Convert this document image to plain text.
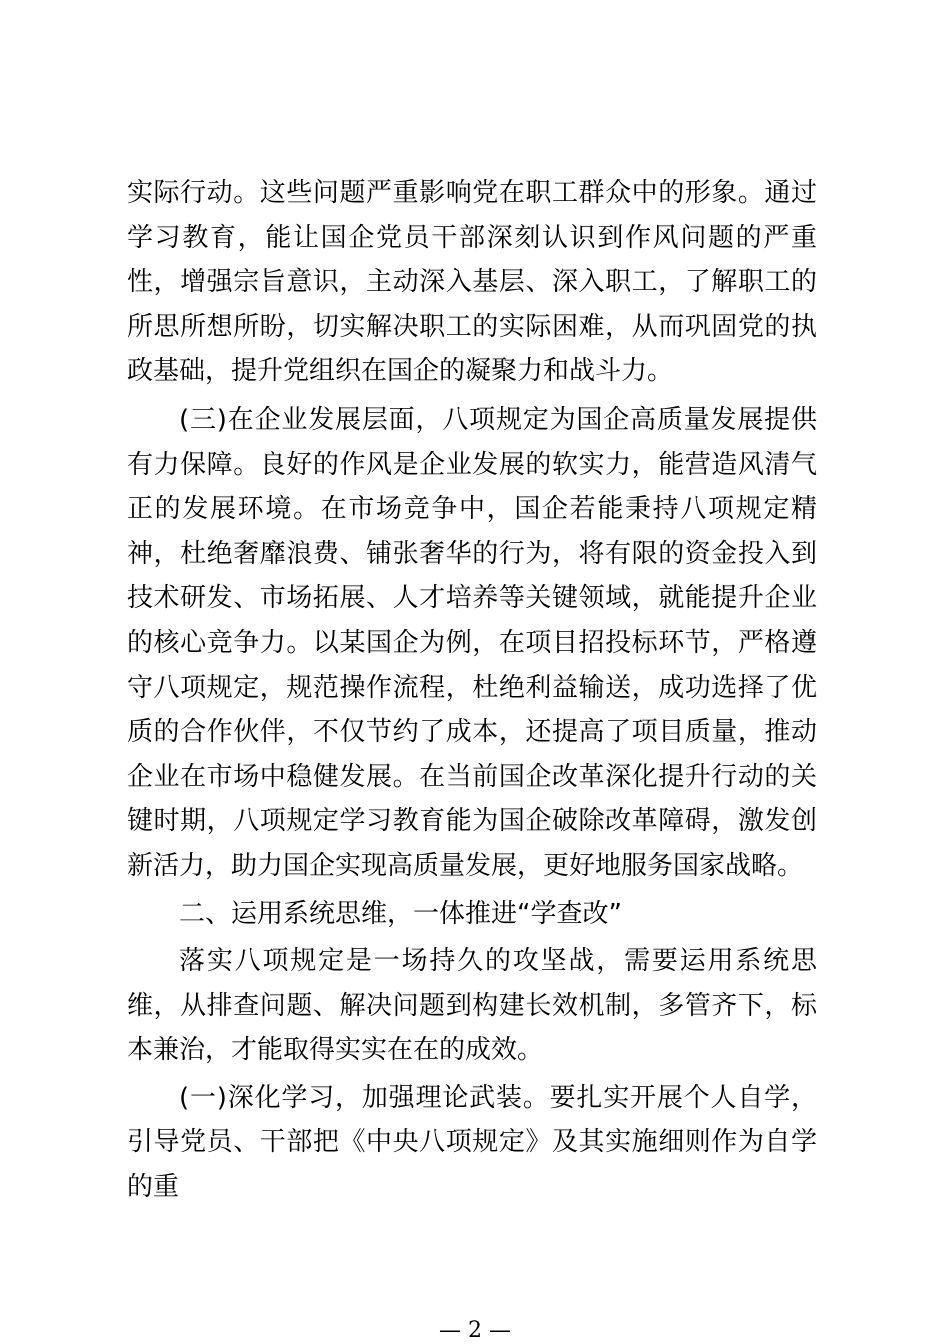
实际行动。这些问题严重影响党在职工群众中的形象。通过学习教育，能让国企党员干部深刻认识到作风问题的严重性，增强宗旨意识，主动深入基层、深入职工，了解职工的所思所想所盼，切实解决职工的实际困难，从而巩固党的执政基础，提升党组织在国企的凝聚力和战斗力。

(三)在企业发展层面，八项规定为国企高质量发展提供有力保障。良好的作风是企业发展的软实力，能营造风清气正的发展环境。在市场竞争中，国企若能秉持八项规定精神，杜绝奢靡浪费、铺张奢华的行为，将有限的资金投入到技术研发、市场拓展、人才培养等关键领域，就能提升企业的核心竞争力。以某国企为例，在项目招投标环节，严格遵守八项规定，规范操作流程，杜绝利益输送，成功选择了优质的合作伙伴，不仅节约了成本，还提高了项目质量，推动企业在市场中稳健发展。在当前国企改革深化提升行动的关键时期，八项规定学习教育能为国企破除改革障碍，激发创新活力，助力国企实现高质量发展，更好地服务国家战略。

二、运用系统思维，一体推进“学查改”

落实八项规定是一场持久的攻坚战，需要运用系统思维，从排查问题、解决问题到构建长效机制，多管齐下，标本兼治，才能取得实实在在的成效。

(一)深化学习，加强理论武装。要扎实开展个人自学，引导党员、干部把《中央八项规定》及其实施细则作为自学的重

— 2 —
